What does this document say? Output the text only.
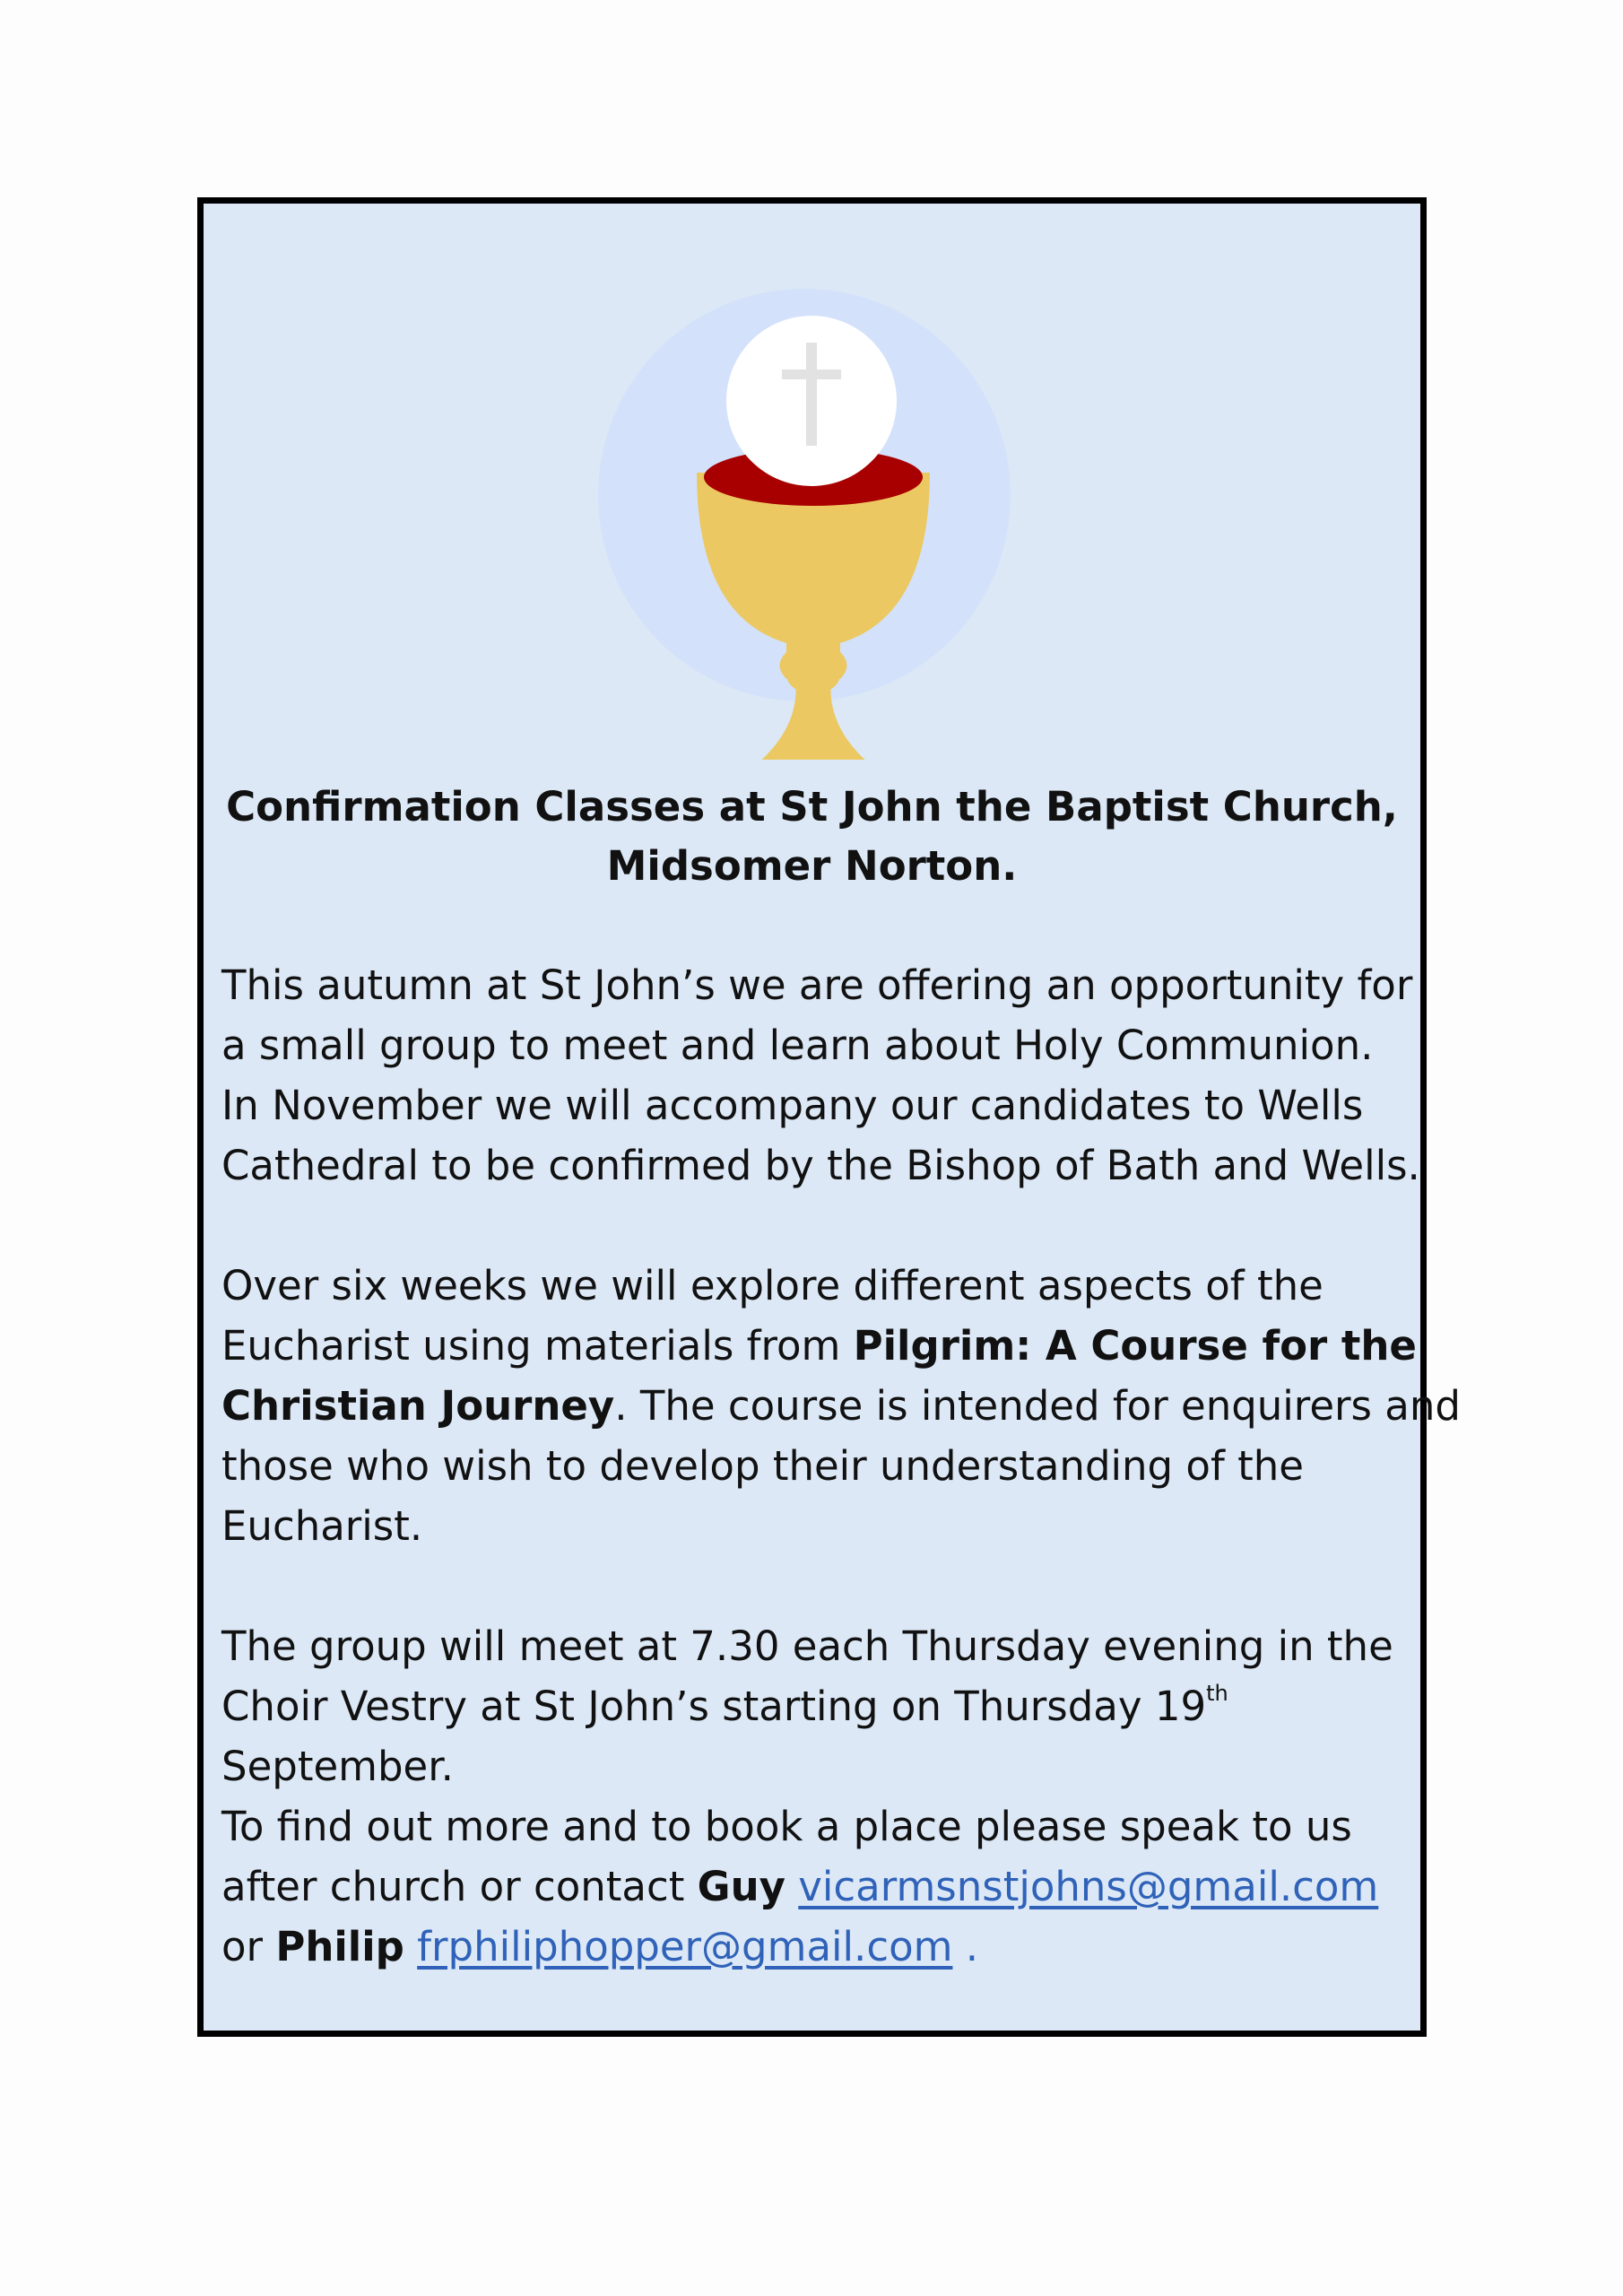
Confirmation Classes at St John the Baptist Church,
Midsomer Norton.
This autumn at St John’s we are offering an opportunity for
a small group to meet and learn about Holy Communion.
In November we will accompany our candidates to Wells
Cathedral to be confirmed by the Bishop of Bath and Wells.
Over six weeks we will explore different aspects of the
Eucharist using materials from Pilgrim: A Course for the
Christian Journey. The course is intended for enquirers and
those who wish to develop their understanding of the
Eucharist.
The group will meet at 7.30 each Thursday evening in the
Choir Vestry at St John’s starting on Thursday 19th
September.
To find out more and to book a place please speak to us
after church or contact Guy vicarmsnstjohns@gmail.com
or Philip frphiliphopper@gmail.com .
